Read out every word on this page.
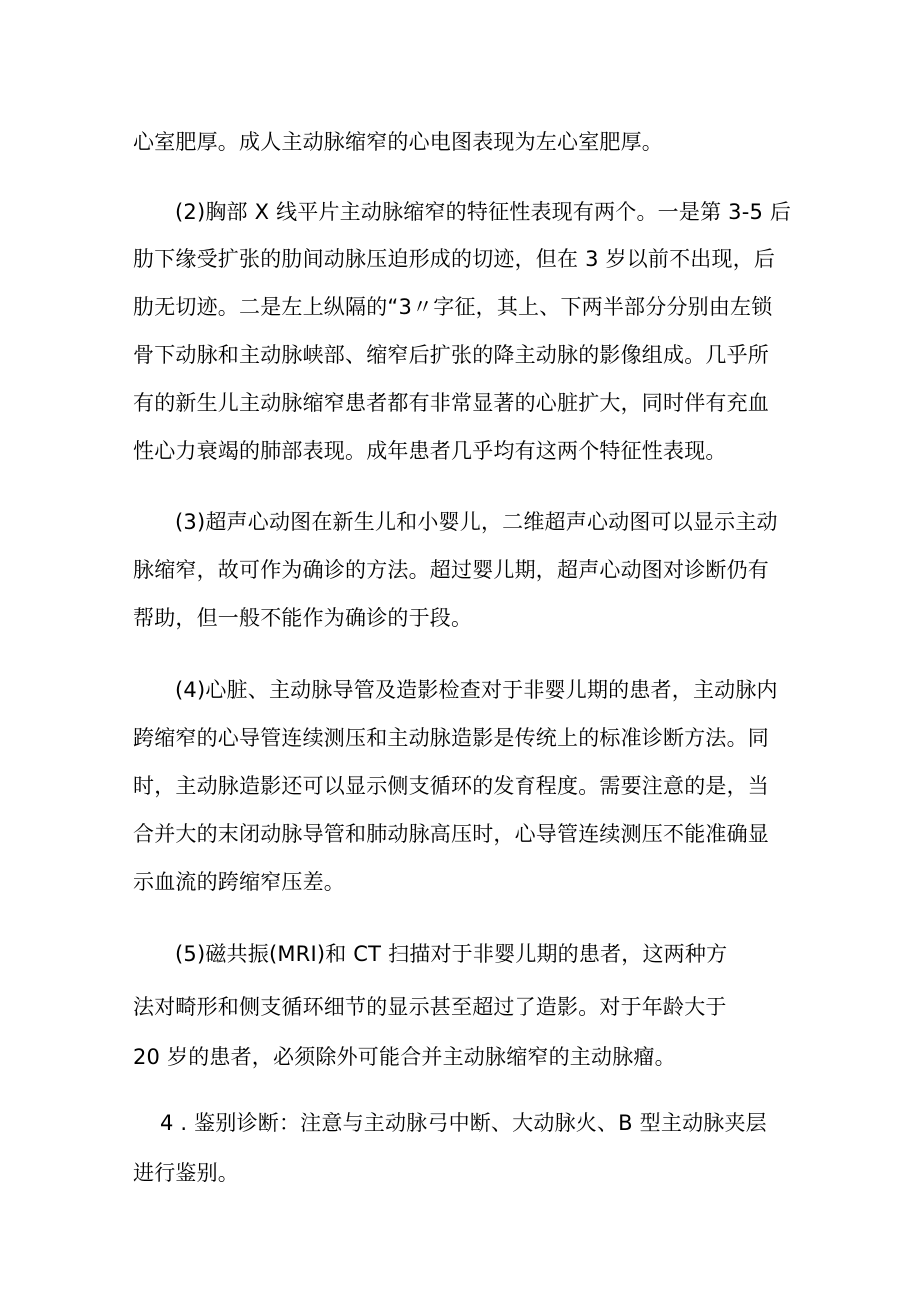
心室肥厚。成人主动脉缩窄的心电图表现为左心室肥厚。
(2)胸部 X 线平片主动脉缩窄的特征性表现有两个。一是第 3-5 后
肋下缘受扩张的肋间动脉压迫形成的切迹，但在 3 岁以前不出现，后
肋无切迹。二是左上纵隔的“3〃字征，其上、下两半部分分别由左锁
骨下动脉和主动脉峡部、缩窄后扩张的降主动脉的影像组成。几乎所
有的新生儿主动脉缩窄患者都有非常显著的心脏扩大，同时伴有充血
性心力衰竭的肺部表现。成年患者几乎均有这两个特征性表现。
(3)超声心动图在新生儿和小婴儿，二维超声心动图可以显示主动
脉缩窄，故可作为确诊的方法。超过婴儿期，超声心动图对诊断仍有
帮助，但一般不能作为确诊的于段。
(4)心脏、主动脉导管及造影检查对于非婴儿期的患者，主动脉内
跨缩窄的心导管连续测压和主动脉造影是传统上的标准诊断方法。同
时，主动脉造影还可以显示侧支循环的发育程度。需要注意的是，当
合并大的末闭动脉导管和肺动脉高压时，心导管连续测压不能准确显
示血流的跨缩窄压差。
(5)磁共振(MRI)和 CT 扫描对于非婴儿期的患者，这两种方
法对畸形和侧支循环细节的显示甚至超过了造影。对于年龄大于
20 岁的患者，必须除外可能合并主动脉缩窄的主动脉瘤。
4 . 鉴别诊断：注意与主动脉弓中断、大动脉火、B 型主动脉夹层
进行鉴别。
